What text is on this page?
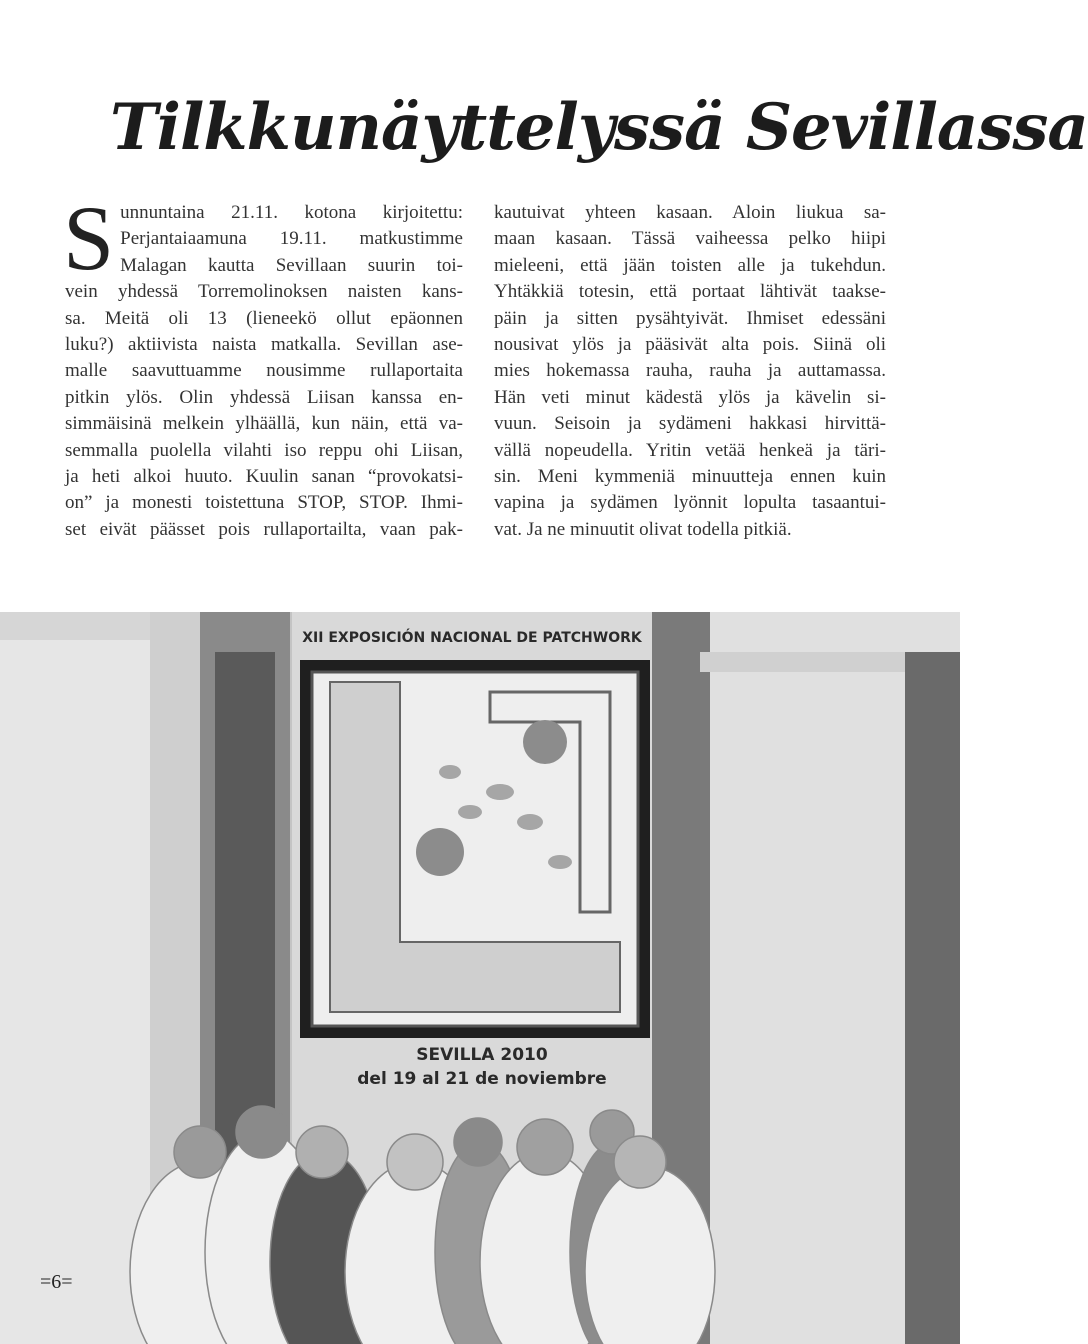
Tilkkunäyttelyssä Sevillassa
S unnuntaina 21.11. kotona kirjoitettu:
Perjantaiaamuna 19.11. matkustimme
Malagan kautta Sevillaan suurin toi-
vein yhdessä Torremolinoksen naisten kans-
sa. Meitä oli 13 (lieneekö ollut epäonnen
luku?) aktiivista naista matkalla. Sevillan ase-
malle saavuttuamme nousimme rullaportaita
pitkin ylös. Olin yhdessä Liisan kanssa en-
simmäisinä melkein ylhäällä, kun näin, että va-
semmalla puolella vilahti iso reppu ohi Liisan,
ja heti alkoi huuto. Kuulin sanan “provokatsi-
on” ja monesti toistettuna STOP, STOP. Ihmi-
set eivät päässet pois rullaportailta, vaan pak-
kautuivat yhteen kasaan. Aloin liukua sa-
maan kasaan. Tässä vaiheessa pelko hiipi
mieleeni, että jään toisten alle ja tukehdun.
Yhtäkkiä totesin, että portaat lähtivät taakse-
päin ja sitten pysähtyivät. Ihmiset edessäni
nousivat ylös ja pääsivät alta pois. Siinä oli
mies hokemassa rauha, rauha ja auttamassa.
Hän veti minut kädestä ylös ja kävelin si-
vuun. Seisoin ja sydämeni hakkasi hirvittä-
vällä nopeudella. Yritin vetää henkeä ja täri-
sin. Meni kymmeniä minuutteja ennen kuin
vapina ja sydämen lyönnit lopulta tasaantui-
vat. Ja ne minuutit olivat todella pitkiä.
XII EXPOSICIÓN NACIONAL DE PATCHWORK
SEVILLA 2010
del 19 al 21 de noviembre
=6=
